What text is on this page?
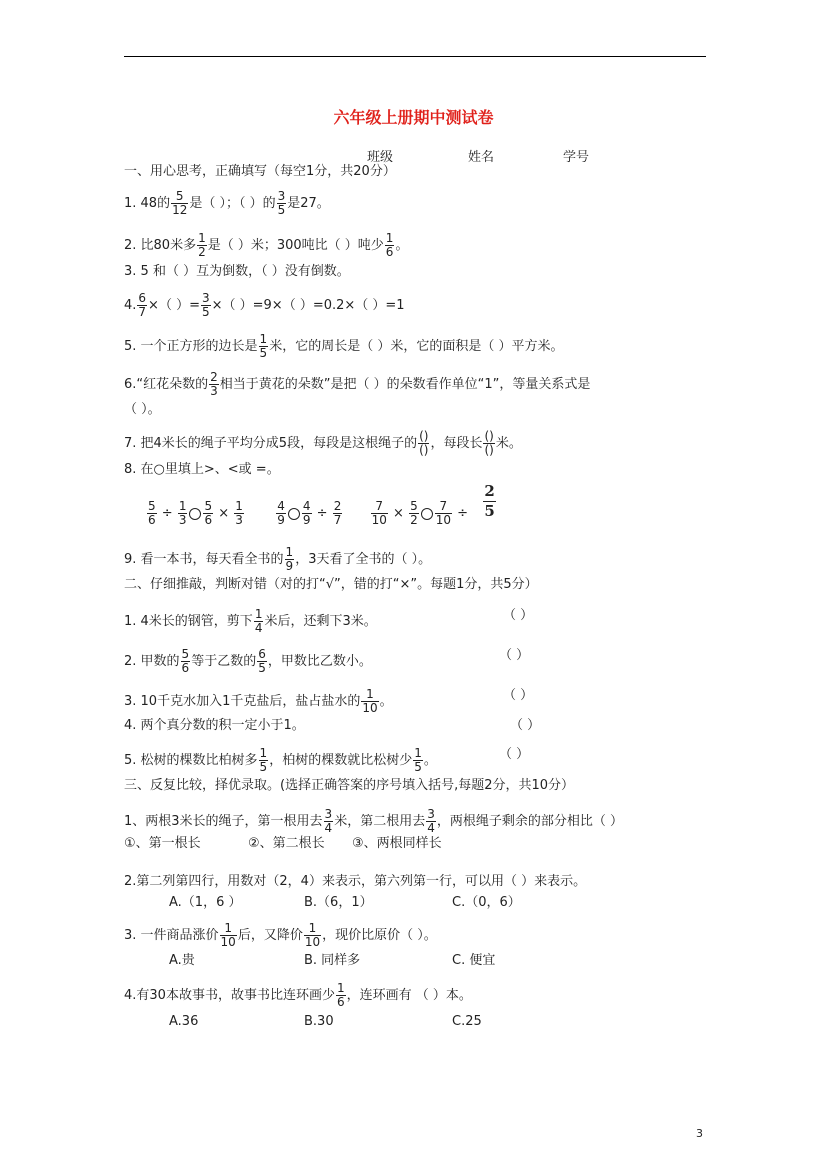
六年级上册期中测试卷
班级	姓名	学号
一、用心思考，正确填写（每空1分，共20分）
1. 48的 $\frac{5}{12}$ 是（ ）；（ ）的 $\frac{3}{5}$ 是27。
2. 比80米多 $\frac{1}{2}$ 是（ ）米；300吨比（ ）吨少 $\frac{1}{6}$ 。
3. 5 和（ ）互为倒数，（ ）没有倒数。
4. $\frac{6}{7}$ ×（ ）= $\frac{3}{5}$ ×（ ）=9×（ ）=0.2×（ ）=1
5. 一个正方形的边长是 $\frac{1}{5}$ 米，它的周长是（ ）米，它的面积是（ ）平方米。
6.“红花朵数的 $\frac{2}{3}$ 相当于黄花的朵数”是把（ ）的朵数看作单位“1”，等量关系式是
（ ）。
7. 把4米长的绳子平均分成5段，每段是这根绳子的 $\frac{()}{()}$ ，每段长 $\frac{()}{()}$ 米。
8. 在○里填上>、<或 =。
$\frac{5}{6} \div \frac{1}{3} \frac{5}{6} \times \frac{1}{3}$
	$\frac{4}{9} \frac{4}{9} \div \frac{2}{7}$
$\frac{7}{10} \times \frac{5}{2} \frac{7}{10} \div \frac{2}{5}$
9. 看一本书，每天看全书的 $\frac{1}{9}$ ，3天看了全书的（ ）。
二、仔细推敲，判断对错（对的打“√”，错的打“×”。每题1分，共5分）
1. 4米长的钢管，剪下 $\frac{1}{4}$ 米后，还剩下3米。	（ ）
2. 甲数的 $\frac{5}{6}$ 等于乙数的 $\frac{6}{5}$ ，甲数比乙数小。	（ ）
3. 10千克水加入1千克盐后，盐占盐水的 $\frac{1}{10}$ 。	（ ）
4. 两个真分数的积一定小于1。	（ ）
5. 松树的棵数比柏树多 $\frac{1}{5}$ ，柏树的棵数就比松树少 $\frac{1}{5}$ 。	（ ）
三、反复比较，择优录取。(选择正确答案的序号填入括号,每题2分，共10分）
1、两根3米长的绳子，第一根用去 $\frac{3}{4}$ 米，第二根用去 $\frac{3}{4}$ ，两根绳子剩余的部分相比（ ）
①、第一根长	②、第二根长 ③、两根同样长
2.第二列第四行，用数对（2，4）来表示，第六列第一行，可以用（ ）来表示。
A.（1，6 ）	B.（6，1）	C.（0，6）
3. 一件商品涨价 $\frac{1}{10}$ 后，又降价 $\frac{1}{10}$ ，现价比原价（ ）。
A.贵	B. 同样多	C. 便宜
4.有30本故事书，故事书比连环画少 $\frac{1}{6}$ ，连环画有 （ ）本。
A.36	B.30	C.25
3
